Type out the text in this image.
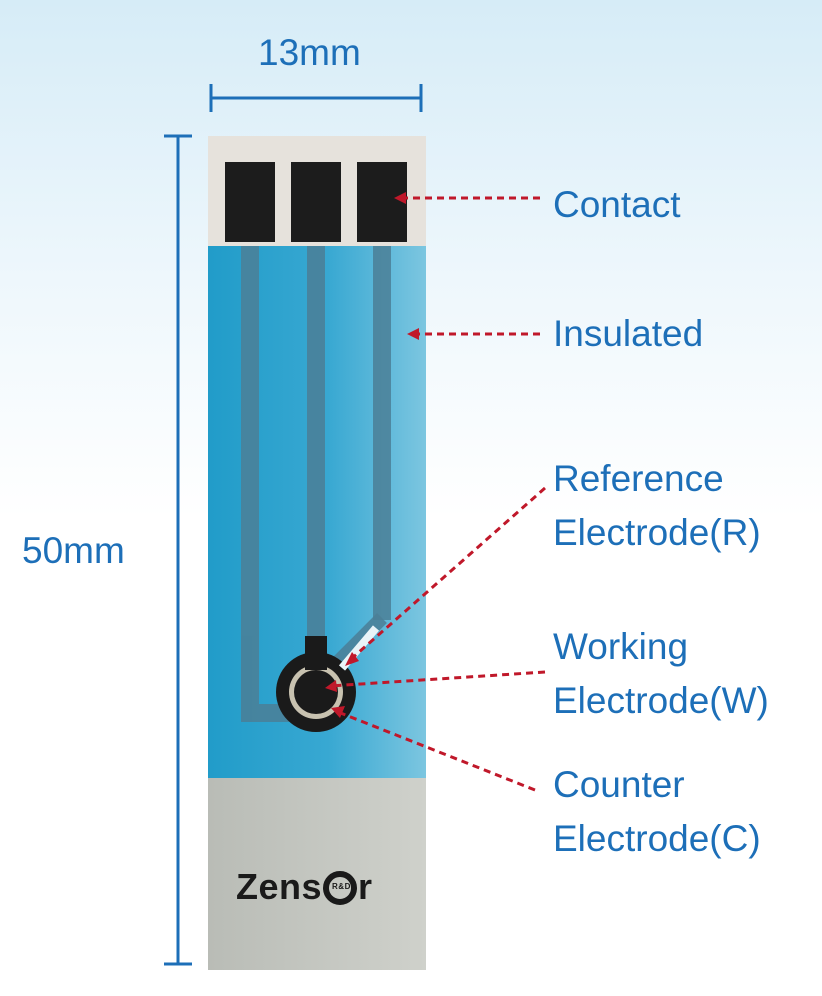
13mm
50mm
Contact
Insulated
Reference
Electrode(R)
Working
Electrode(W)
Counter
Electrode(C)
Zens R&D r
